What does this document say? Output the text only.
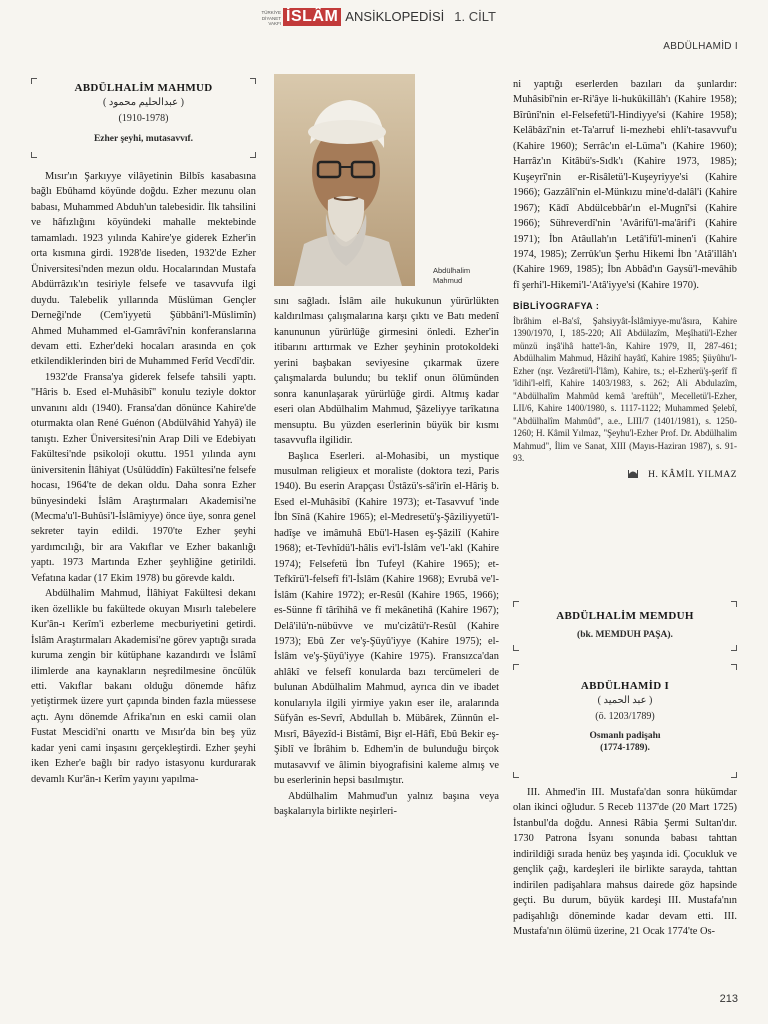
TÜRKİYE
DİYANET
VAKFI İSLÂM ANSİKLOPEDİSİ 1. CİLT
ABDÜLHAMİD I
ABDÜLHALİM MAHMUD
( عبدالحليم محمود )
(1910-1978)
Ezher şeyhi, mutasavvıf.
Abdülhalim
Mahmud

Mısır'ın Şarkıyye vilâyetinin Bilbîs kasabasına bağlı Ebûhamd köyünde doğdu. Ezher mezunu olan babası, Muhammed Abduh'un talebesidir. İlk tahsilini ve hâfızlığını köyündeki mahalle mektebinde tamamladı. 1923 yılında Kahire'ye giderek Ezher'in orta kısmına girdi. 1928'de liseden, 1932'de Ezher Üniversitesi'nden mezun oldu. Hocalarından Mustafa Abdürrâzık'ın tesiriyle felsefe ve tasavvufa ilgi duydu. Talebelik yıllarında Müslüman Gençler Derneği'nde (Cem'iyyetü Şübbâni'l-Müslimîn) Ahmed Muhammed el-Gamrâvî'nin konferanslarına devam etti. Ezher'deki hocaları arasında en çok etkilendiklerinden biri de Muhammed Ferîd Vecdî'dir.

1932'de Fransa'ya giderek felsefe tahsili yaptı. "Hâris b. Esed el-Muhâsibî" konulu teziyle doktor unvanını aldı (1940). Fransa'dan dönünce Kahire'de oturmakta olan René Guénon (Abdülvâhid Yahyâ) ile tanıştı. Ezher Üniversitesi'nin Arap Dili ve Edebiyatı Fakültesi'nde psikoloji okuttu. 1951 yılında aynı üniversitenin İlâhiyat (Usûlüddîn) Fakültesi'ne felsefe hocası, 1964'te de dekan oldu. Daha sonra Ezher bünyesindeki İslâm Araştırmaları Akademisi'ne (Mecma'u'l-Buhûsi'l-İslâmiyye) önce üye, sonra genel sekreter tayin edildi. 1970'te Ezher şeyhi yardımcılığı, bir ara Vakıflar ve Ezher bakanlığı yaptı. 1973 Martında Ezher şeyhliğine getirildi. Vefatına kadar (17 Ekim 1978) bu görevde kaldı.

Abdülhalim Mahmud, İlâhiyat Fakültesi dekanı iken özellikle bu fakültede okuyan Mısırlı talebelere Kur'ân-ı Kerîm'i ezberleme mecburiyetini getirdi. İslâm Araştırmaları Akademisi'ne görev yaptığı sırada kuruma zengin bir kütüphane kazandırdı ve İslâmî ilimlerde ana kaynakların neşredilmesine öncülük etti. Vakıflar bakanı olduğu dönemde hâfız yetiştirmek üzere yurt çapında binden fazla müessese açtı. Aynı dönemde Afrika'nın en eski camii olan Fustat Mescidi'ni onarttı ve Mısır'da bin beş yüz kadar yeni cami inşasını gerçekleştirdi. Ezher şeyhi iken Ezher'e bağlı bir radyo istasyonu kurdurarak devamlı Kur'ân-ı Kerîm yayını yapılma-

sını sağladı. İslâm aile hukukunun yürürlükten kaldırılması çalışmalarına karşı çıktı ve Batı medenî kanununun yürürlüğe girmesini önledi. Ezher'in itibarını arttırmak ve Ezher şeyhinin protokoldeki yerini başbakan seviyesine çıkarmak üzere çalışmalarda bulundu; bu teklif onun ölümünden sonra kanunlaşarak yürürlüğe girdi. Altmış kadar eseri olan Abdülhalim Mahmud, Şâzeliyye tarîkatına mensuptu. Bu yüzden eserlerinin büyük bir kısmı tasavvufla ilgilidir.

Başlıca Eserleri. al-Mohasibi, un mystique musulman religieux et moraliste (doktora tezi, Paris 1940). Bu eserin Arapçası Üstâzü's-sâ'irîn el-Hâriş b. Esed el-Muhâsibî (Kahire 1973); et-Tasavvuf 'inde İbn Sînâ (Kahire 1965); el-Medresetü'ş-Şâziliyyetü'l-hadîşe ve imâmuhâ Ebü'l-Hasen eş-Şâzilî (Kahire 1968); et-Tevhîdü'l-hâlis evi'l-İslâm ve'l-'akl (Kahire 1974); Felsefetü İbn Tufeyl (Kahire 1965); et-Tefkîrü'l-felsefî fi'l-İslâm (Kahire 1968); Evrubâ ve'l-İslâm (Kahire 1972); er-Resûl (Kahire 1965, 1966); es-Sünne fî târîhihâ ve fî mekânetihâ (Kahire 1967); Delâ'ilü'n-nübüvve ve mu'cizâtü'r-Resûl (Kahire 1973); Ebû Zer ve'ş-Şüyû'iyye (Kahire 1975); el-İslâm ve'ş-Şüyû'iyye (Kahire 1975). Fransızca'dan ahlâkî ve felsefî konularda bazı tercümeleri de bulunan Abdülhalim Mahmud, ayrıca din ve ibadet konularıyla ilgili yirmiye yakın eser ile, aralarında Süfyân es-Sevrî, Abdullah b. Mübârek, Zünnûn el-Mısrî, Bâyezîd-i Bistâmî, Bişr el-Hâfî, Ebû Bekir eş-Şiblî ve İbrâhim b. Edhem'in de bulunduğu birçok mutasavvıf ve âlimin biyografisini kaleme almış ve bu eserlerinin hepsi basılmıştır.

Abdülhalim Mahmud'un yalnız başına veya başkalarıyla birlikte neşirleri-

ni yaptığı eserlerden bazıları da şunlardır: Muhâsibî'nin er-Ri'âye li-hukûkillâh'ı (Kahire 1958); Bîrûnî'nin el-Felsefetü'l-Hindiyye'si (Kahire 1958); Kelâbâzî'nin et-Ta'arruf li-mezhebi ehli't-tasavvuf'u (Kahire 1960); Serrâc'ın el-Lüma''ı (Kahire 1960); Harrâz'ın Kitâbü's-Sıdk'ı (Kahire 1973, 1985); Kuşeyrî'nin er-Risâletü'l-Kuşeyriyye'si (Kahire 1966); Gazzâlî'nin el-Münkızu mine'd-dalâl'i (Kahire 1967); Kādî Abdülcebbâr'ın el-Mugnî'si (Kahire 1966); Sühreverdî'nin 'Avârifü'l-ma'ârif'i (Kahire 1971); İbn Atâullah'ın Letâ'ifü'l-minen'i (Kahire 1974, 1985); Zerrûk'un Şerhu Hikemi İbn 'Atâ'illâh'ı (Kahire 1969, 1985); İbn Abbâd'ın Gaysü'l-mevâhib fî şerhi'l-Hikemi'l-'Atâ'iyye'si (Kahire 1970).

BİBLİYOGRAFYA :
İbrâhim el-Ba'sî, Şahsiyyât-İslâmiyye-mu'âsıra, Kahire 1390/1970, I, 185-220; Alî Abdülazîm, Meşîhatü'l-Ezher münzü inşâ'ihâ hatte'l-ân, Kahire 1979, II, 287-461; Abdülhalim Mahmud, Hâzihî hayâtî, Kahire 1985; Şüyûhu'l-Ezher (nşr. Vezâretü'l-İ'lâm), Kahire, ts.; el-Ezherü'ş-şerîf fî 'îdihi'l-elfî, Kahire 1403/1983, s. 262; Ali Abdulazîm, "Abdülhalîm Mahmûd kemâ 'areftüh", Mecelletü'l-Ezher, LII/6, Kahire 1400/1980, s. 1117-1122; Muhammed Şelebî, "Abdülhalîm Mahmûd", a.e., LIII/7 (1401/1981), s. 1250-1260; H. Kâmil Yılmaz, "Şeyhu'l-Ezher Prof. Dr. Abdülhalim Mahmud", İlim ve Sanat, XIII (Mayıs-Haziran 1987), s. 91-93.
H. KÂMİL YILMAZ
ABDÜLHALİM MEMDUH
(bk. MEMDUH PAŞA).
ABDÜLHAMİD I
( عبد الحميد )
(ö. 1203/1789)
Osmanlı padişahı
(1774-1789).

III. Ahmed'in III. Mustafa'dan sonra hükümdar olan ikinci oğludur. 5 Receb 1137'de (20 Mart 1725) İstanbul'da doğdu. Annesi Râbia Şermi Sultan'dır. 1730 Patrona İsyanı sonunda babası tahttan indirildiği sırada henüz beş yaşında idi. Çocukluk ve gençlik çağı, kardeşleri ile birlikte sarayda, tahttan indirilen padişahlara mahsus dairede göz hapsinde geçti. Bu durum, büyük kardeşi III. Mustafa'nın padişahlığı döneminde kadar devam etti. III. Mustafa'nın ölümü üzerine, 21 Ocak 1774'te Os-

213
